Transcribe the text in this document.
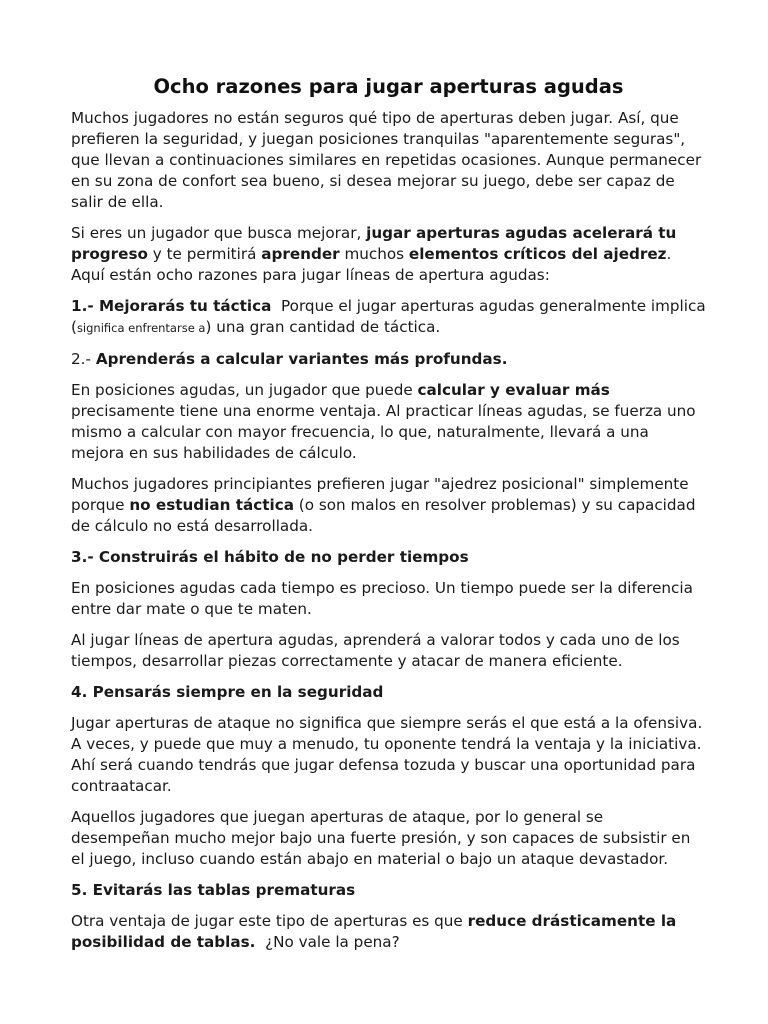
Ocho razones para jugar aperturas agudas

Muchos jugadores no están seguros qué tipo de aperturas deben jugar. Así, que prefieren la seguridad, y juegan posiciones tranquilas "aparentemente seguras", que llevan a continuaciones similares en repetidas ocasiones. Aunque permanecer en su zona de confort sea bueno, si desea mejorar su juego, debe ser capaz de salir de ella.

Si eres un jugador que busca mejorar, jugar aperturas agudas acelerará tu progreso y te permitirá aprender muchos elementos críticos del ajedrez. Aquí están ocho razones para jugar líneas de apertura agudas:

1.- Mejorarás tu táctica  Porque el jugar aperturas agudas generalmente implica (significa enfrentarse a) una gran cantidad de táctica.

2.- Aprenderás a calcular variantes más profundas.

En posiciones agudas, un jugador que puede calcular y evaluar más precisamente tiene una enorme ventaja. Al practicar líneas agudas, se fuerza uno mismo a calcular con mayor frecuencia, lo que, naturalmente, llevará a una mejora en sus habilidades de cálculo.

Muchos jugadores principiantes prefieren jugar "ajedrez posicional" simplemente porque no estudian táctica (o son malos en resolver problemas) y su capacidad de cálculo no está desarrollada.

3.- Construirás el hábito de no perder tiempos

En posiciones agudas cada tiempo es precioso. Un tiempo puede ser la diferencia entre dar mate o que te maten.

Al jugar líneas de apertura agudas, aprenderá a valorar todos y cada uno de los tiempos, desarrollar piezas correctamente y atacar de manera eficiente.

4. Pensarás siempre en la seguridad

Jugar aperturas de ataque no significa que siempre serás el que está a la ofensiva. A veces, y puede que muy a menudo, tu oponente tendrá la ventaja y la iniciativa. Ahí será cuando tendrás que jugar defensa tozuda y buscar una oportunidad para contraatacar.

Aquellos jugadores que juegan aperturas de ataque, por lo general se desempeñan mucho mejor bajo una fuerte presión, y son capaces de subsistir en el juego, incluso cuando están abajo en material o bajo un ataque devastador.

5. Evitarás las tablas prematuras

Otra ventaja de jugar este tipo de aperturas es que reduce drásticamente la posibilidad de tablas.  ¿No vale la pena?
